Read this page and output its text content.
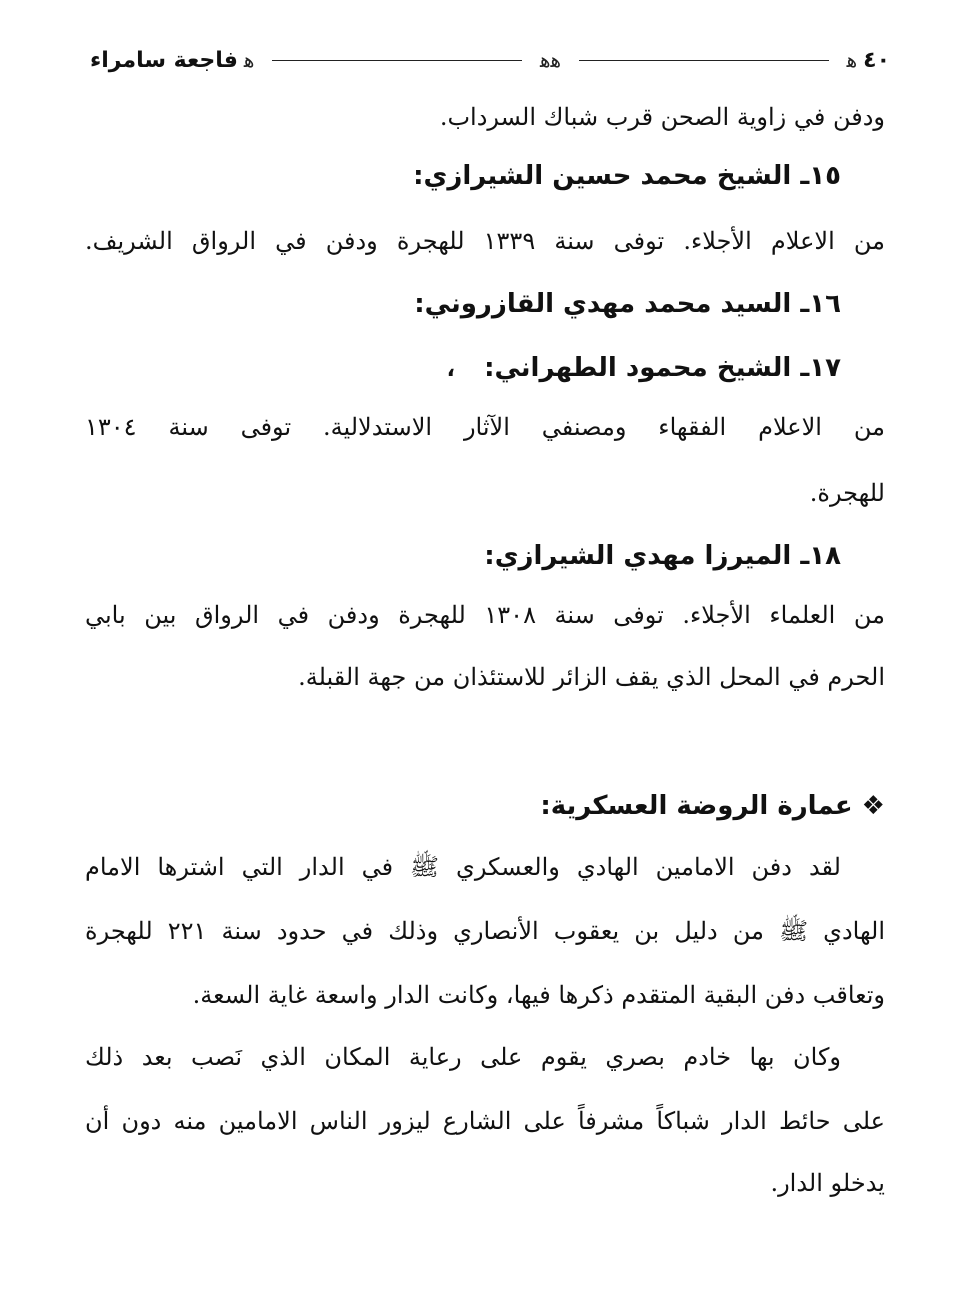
٤٠
ﻫ
ﻫﻫ
ﻫ
فاجعة سامراء
ودفن في زاوية الصحن قرب شباك السرداب.
١٥ـ الشيخ محمد حسين الشيرازي:
من الاعلام الأجلاء. توفى سنة ١٣٣٩ للهجرة ودفن في الرواق الشريف.
١٦ـ السيد محمد مهدي القازروني:
١٧ـ الشيخ محمود الطهراني: ،
من الاعلام الفقهاء ومصنفي الآثار الاستدلالية. توفى سنة ١٣٠٤
للهجرة.
١٨ـ الميرزا مهدي الشيرازي:
من العلماء الأجلاء. توفى سنة ١٣٠٨ للهجرة ودفن في الرواق بين بابي
الحرم في المحل الذي يقف الزائر للاستئذان من جهة القبلة.
❖ عمارة الروضة العسكرية:
لقد دفن الامامين الهادي والعسكري ﷺ في الدار التي اشترها الامام
الهادي ﷺ من دليل بن يعقوب الأنصاري وذلك في حدود سنة ٢٢١ للهجرة
وتعاقب دفن البقية المتقدم ذكرها فيها، وكانت الدار واسعة غاية السعة.
وكان بها خادم بصري يقوم على رعاية المكان الذي نَصب بعد ذلك
على حائط الدار شباكاً مشرفاً على الشارع ليزور الناس الامامين منه دون أن
يدخلو الدار.
